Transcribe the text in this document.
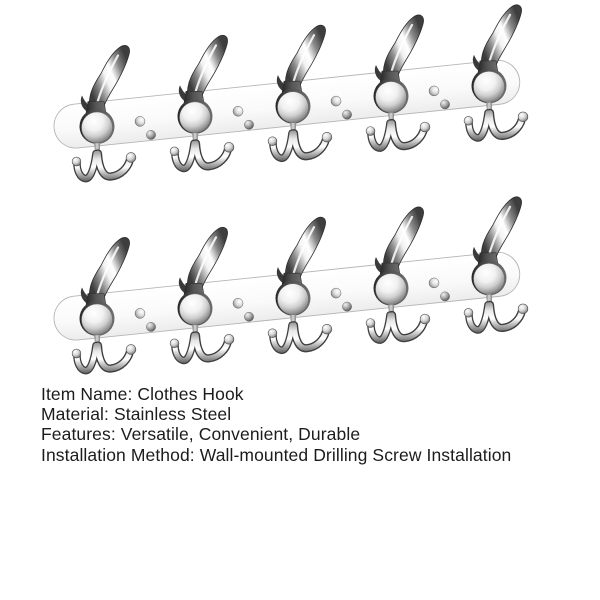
Item Name: Clothes Hook
Material: Stainless Steel
Features: Versatile, Convenient, Durable
Installation Method: Wall-mounted Drilling Screw Installation
